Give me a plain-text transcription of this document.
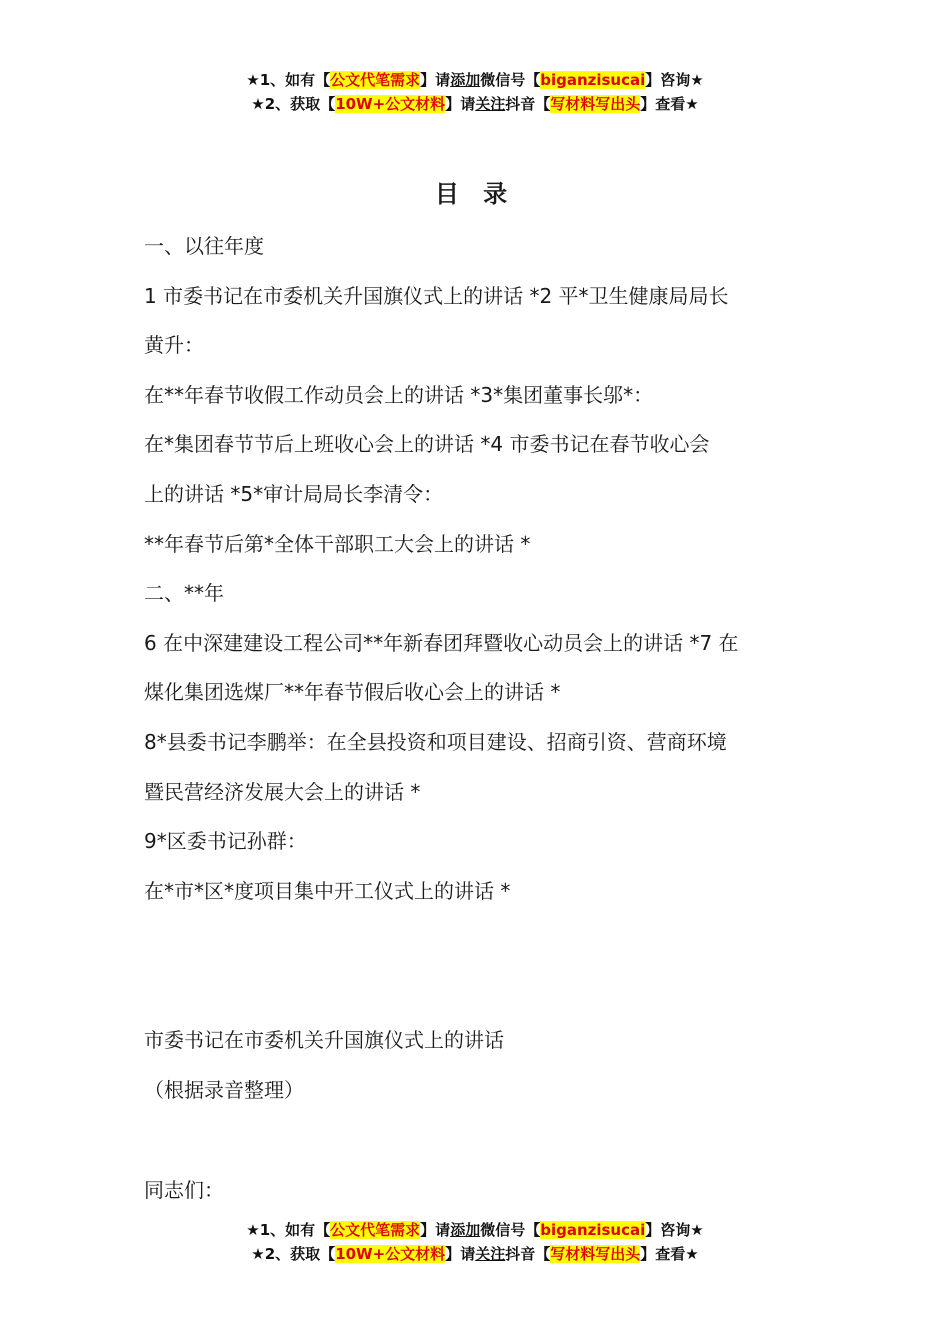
★1、如有【公文代笔需求】请添加微信号【biganzisucai】咨询★
★2、获取【10W+公文材料】请关注抖音【写材料写出头】查看★
目 录
一、以往年度
1 市委书记在市委机关升国旗仪式上的讲话 *2 平*卫生健康局局长
黄升：
在**年春节收假工作动员会上的讲话 *3*集团董事长邬*：
在*集团春节节后上班收心会上的讲话 *4 市委书记在春节收心会
上的讲话 *5*审计局局长李清令：
**年春节后第*全体干部职工大会上的讲话 *
二、**年
6 在中深建建设工程公司**年新春团拜暨收心动员会上的讲话 *7 在
煤化集团选煤厂**年春节假后收心会上的讲话 *
8*县委书记李鹏举：在全县投资和项目建设、招商引资、营商环境
暨民营经济发展大会上的讲话 *
9*区委书记孙群：
在*市*区*度项目集中开工仪式上的讲话 *
市委书记在市委机关升国旗仪式上的讲话
（根据录音整理）
同志们：
★1、如有【公文代笔需求】请添加微信号【biganzisucai】咨询★
★2、获取【10W+公文材料】请关注抖音【写材料写出头】查看★
